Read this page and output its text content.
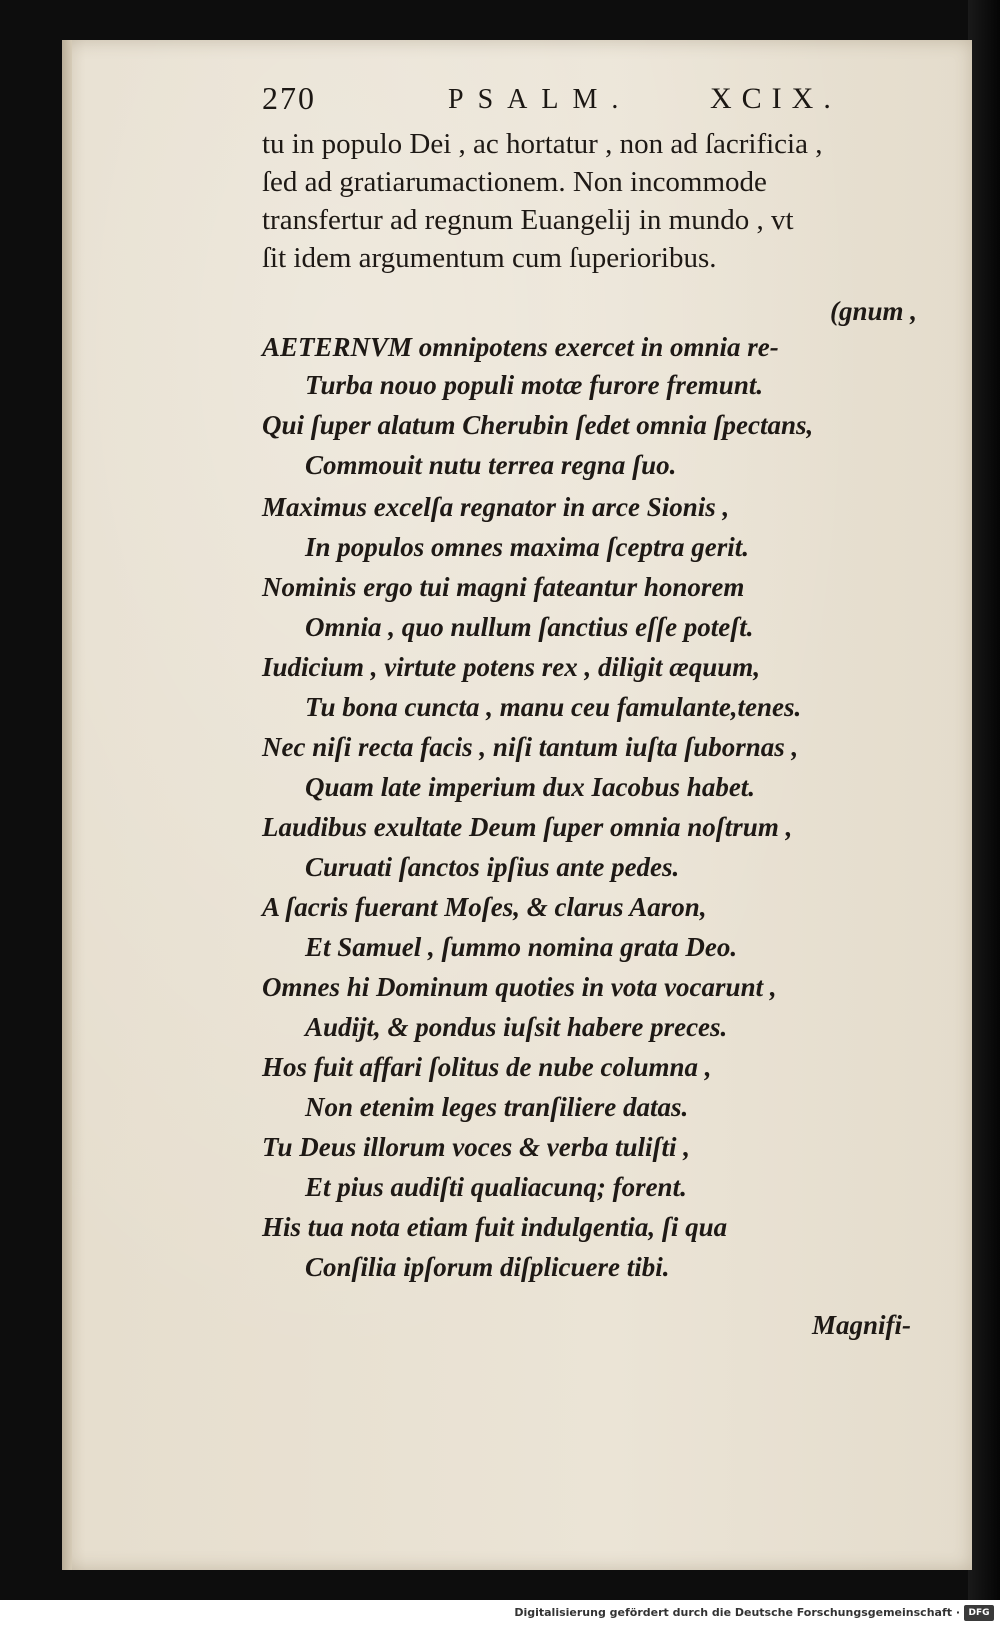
270	PSALM.	XCIX.
tu in populo Dei , ac hortatur , non ad ſacrificia ,
ſed ad gratiarumactionem. Non incommode
transfertur ad regnum Euangelij in mundo , vt
ſit idem argumentum cum ſuperioribus.
(gnum ,
AETERNVM omnipotens exercet in omnia re-
Turba nouo populi motæ furore fremunt.
Qui ſuper alatum Cherubin ſedet omnia ſpectans,
Commouit nutu terrea regna ſuo.
Maximus excelſa regnator in arce Sionis ,
In populos omnes maxima ſceptra gerit.
Nominis ergo tui magni fateantur honorem
Omnia , quo nullum ſanctius eſſe poteſt.
Iudicium , virtute potens rex , diligit æquum,
Tu bona cuncta , manu ceu famulante,tenes.
Nec niſi recta facis , niſi tantum iuſta ſubornas ,
Quam late imperium dux Iacobus habet.
Laudibus exultate Deum ſuper omnia noſtrum ,
Curuati ſanctos ipſius ante pedes.
A ſacris fuerant Moſes, & clarus Aaron,
Et Samuel , ſummo nomina grata Deo.
Omnes hi Dominum quoties in vota vocarunt ,
Audijt, & pondus iuſsit habere preces.
Hos fuit affari ſolitus de nube columna ,
Non etenim leges tranſiliere datas.
Tu Deus illorum voces & verba tuliſti ,
Et pius audiſti qualiacunq; forent.
His tua nota etiam fuit indulgentia, ſi qua
Conſilia ipſorum diſplicuere tibi.
Magnifi-
Digitalisierung gefördert durch die Deutsche Forschungsgemeinschaft · DFG
